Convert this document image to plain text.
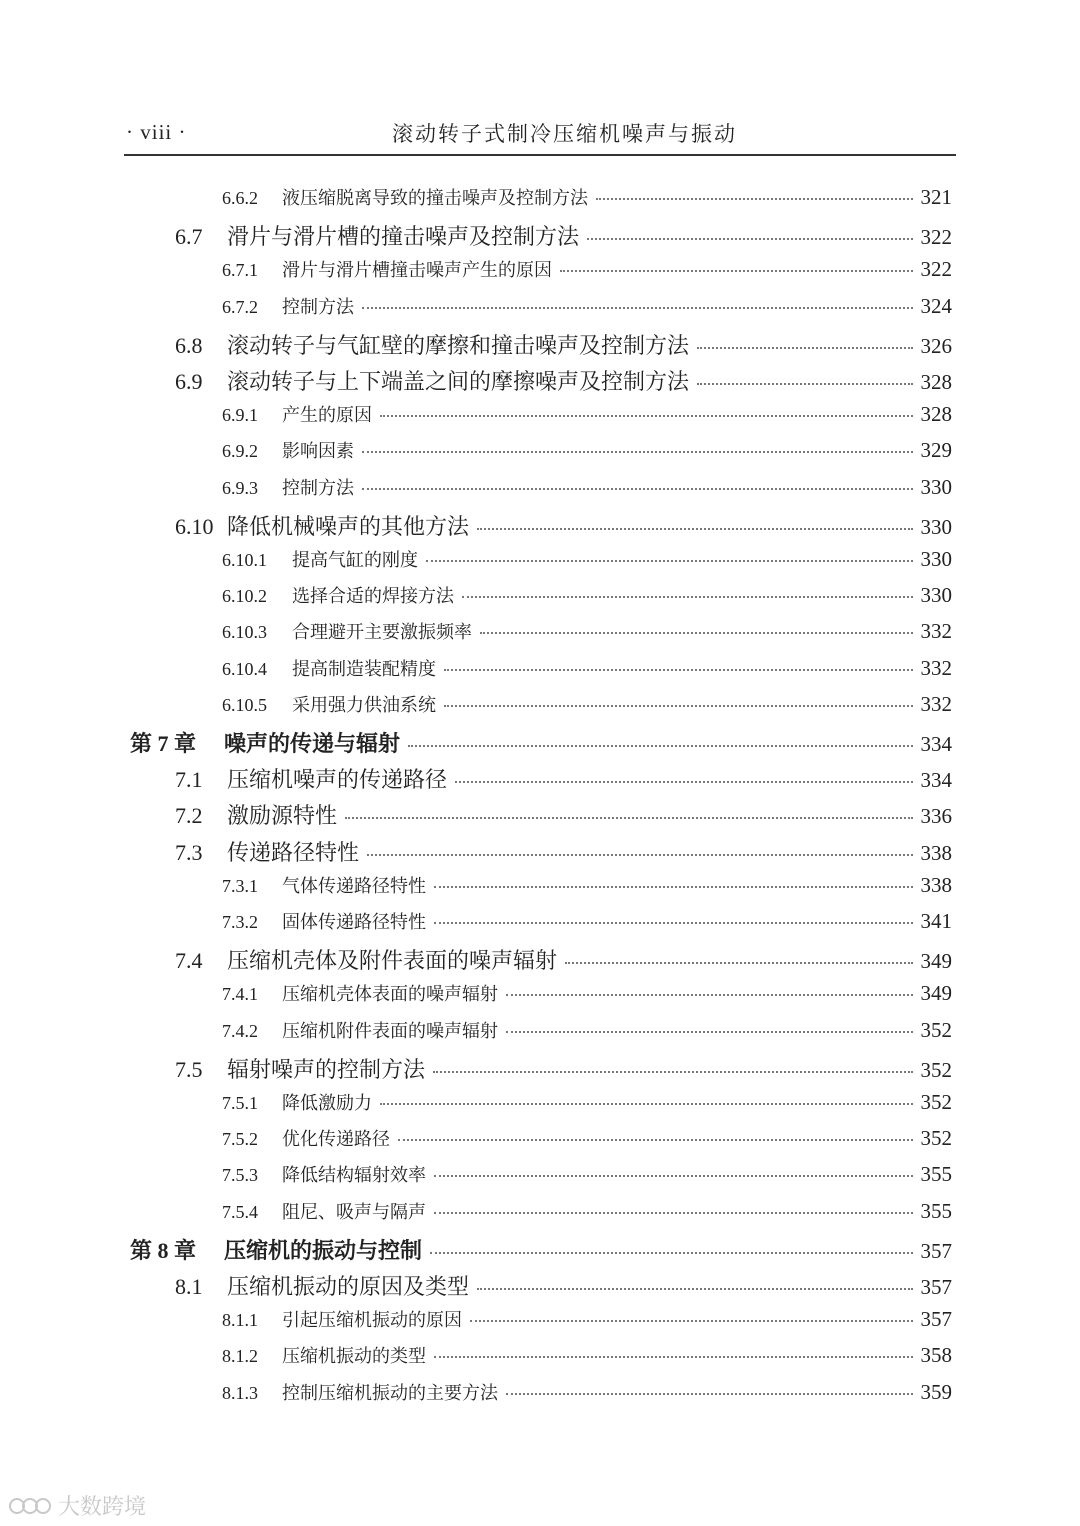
· viii ·	滚动转子式制冷压缩机噪声与振动
6.6.2	液压缩脱离导致的撞击噪声及控制方法	321
6.7	滑片与滑片槽的撞击噪声及控制方法	322
6.7.1	滑片与滑片槽撞击噪声产生的原因	322
6.7.2	控制方法	324
6.8	滚动转子与气缸壁的摩擦和撞击噪声及控制方法	326
6.9	滚动转子与上下端盖之间的摩擦噪声及控制方法	328
6.9.1	产生的原因	328
6.9.2	影响因素	329
6.9.3	控制方法	330
6.10 降低机械噪声的其他方法	330
6.10.1	提高气缸的刚度	330
6.10.2	选择合适的焊接方法	330
6.10.3	合理避开主要激振频率	332
6.10.4	提高制造装配精度	332
6.10.5	采用强力供油系统	332
第 7 章	噪声的传递与辐射	334
7.1	压缩机噪声的传递路径	334
7.2	激励源特性	336
7.3	传递路径特性	338
7.3.1	气体传递路径特性	338
7.3.2	固体传递路径特性	341
7.4	压缩机壳体及附件表面的噪声辐射	349
7.4.1	压缩机壳体表面的噪声辐射	349
7.4.2	压缩机附件表面的噪声辐射	352
7.5	辐射噪声的控制方法	352
7.5.1	降低激励力	352
7.5.2	优化传递路径	352
7.5.3	降低结构辐射效率	355
7.5.4	阻尼、吸声与隔声	355
第 8 章	压缩机的振动与控制	357
8.1	压缩机振动的原因及类型	357
8.1.1	引起压缩机振动的原因	357
8.1.2	压缩机振动的类型	358
8.1.3	控制压缩机振动的主要方法	359
大数跨境
